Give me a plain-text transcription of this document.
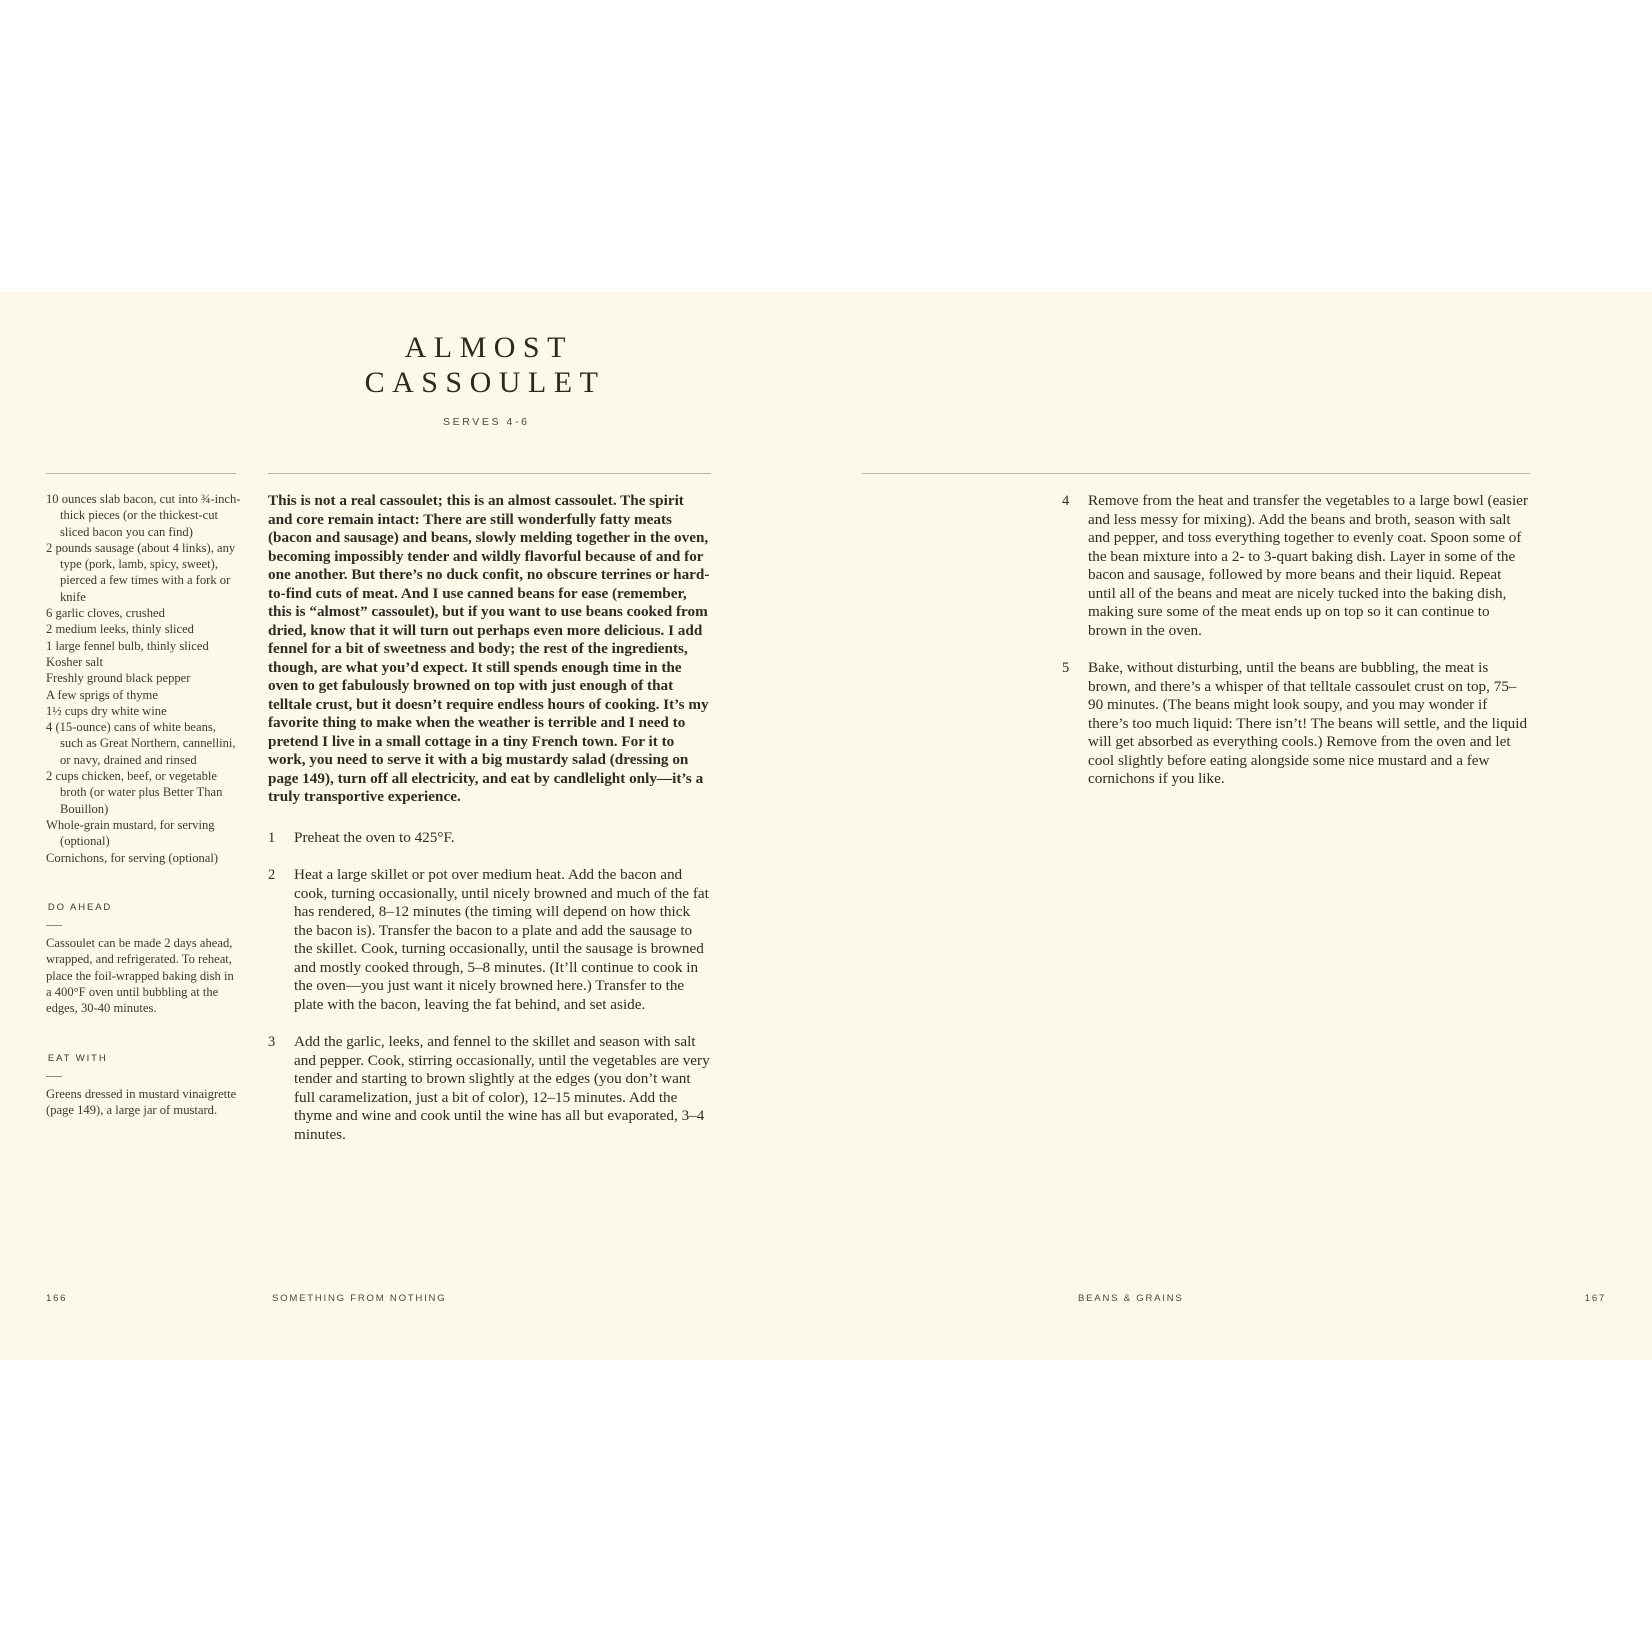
ALMOST
CASSOULET
SERVES 4-6
10 ounces slab bacon, cut into ¾-inch-thick pieces (or the thickest-cut sliced bacon you can find)
2 pounds sausage (about 4 links), any type (pork, lamb, spicy, sweet), pierced a few times with a fork or knife
6 garlic cloves, crushed
2 medium leeks, thinly sliced
1 large fennel bulb, thinly sliced
Kosher salt
Freshly ground black pepper
A few sprigs of thyme
1½ cups dry white wine
4 (15-ounce) cans of white beans, such as Great Northern, cannellini, or navy, drained and rinsed
2 cups chicken, beef, or vegetable broth (or water plus Better Than Bouillon)
Whole-grain mustard, for serving (optional)
Cornichons, for serving (optional)
DO AHEAD
Cassoulet can be made 2 days ahead, wrapped, and refrigerated. To reheat, place the foil-wrapped baking dish in a 400°F oven until bubbling at the edges, 30-40 minutes.
EAT WITH
Greens dressed in mustard vinaigrette (page 149), a large jar of mustard.

This is not a real cassoulet; this is an almost cassoulet. The spirit and core remain intact: There are still wonderfully fatty meats (bacon and sausage) and beans, slowly melding together in the oven, becoming impossibly tender and wildly flavorful because of and for one another. But there’s no duck confit, no obscure terrines or hard-to-find cuts of meat. And I use canned beans for ease (remember, this is “almost” cassoulet), but if you want to use beans cooked from dried, know that it will turn out perhaps even more delicious. I add fennel for a bit of sweetness and body; the rest of the ingredients, though, are what you’d expect. It still spends enough time in the oven to get fabulously browned on top with just enough of that telltale crust, but it doesn’t require endless hours of cooking. It’s my favorite thing to make when the weather is terrible and I need to pretend I live in a small cottage in a tiny French town. For it to work, you need to serve it with a big mustardy salad (dressing on page 149), turn off all electricity, and eat by candlelight only—it’s a truly transportive experience.

1	Preheat the oven to 425°F.
2	Heat a large skillet or pot over medium heat. Add the bacon and cook, turning occasionally, until nicely browned and much of the fat has rendered, 8–12 minutes (the timing will depend on how thick the bacon is). Transfer the bacon to a plate and add the sausage to the skillet. Cook, turning occasionally, until the sausage is browned and mostly cooked through, 5–8 minutes. (It’ll continue to cook in the oven—you just want it nicely browned here.) Transfer to the plate with the bacon, leaving the fat behind, and set aside.
3	Add the garlic, leeks, and fennel to the skillet and season with salt and pepper. Cook, stirring occasionally, until the vegetables are very tender and starting to brown slightly at the edges (you don’t want full caramelization, just a bit of color), 12–15 minutes. Add the thyme and wine and cook until the wine has all but evaporated, 3–4 minutes.
166	SOMETHING FROM NOTHING
4	Remove from the heat and transfer the vegetables to a large bowl (easier and less messy for mixing). Add the beans and broth, season with salt and pepper, and toss everything together to evenly coat. Spoon some of the bean mixture into a 2- to 3-quart baking dish. Layer in some of the bacon and sausage, followed by more beans and their liquid. Repeat until all of the beans and meat are nicely tucked into the baking dish, making sure some of the meat ends up on top so it can continue to brown in the oven.
5	Bake, without disturbing, until the beans are bubbling, the meat is brown, and there’s a whisper of that telltale cassoulet crust on top, 75–90 minutes. (The beans might look soupy, and you may wonder if there’s too much liquid: There isn’t! The beans will settle, and the liquid will get absorbed as everything cools.) Remove from the oven and let cool slightly before eating alongside some nice mustard and a few cornichons if you like.
BEANS & GRAINS	167
